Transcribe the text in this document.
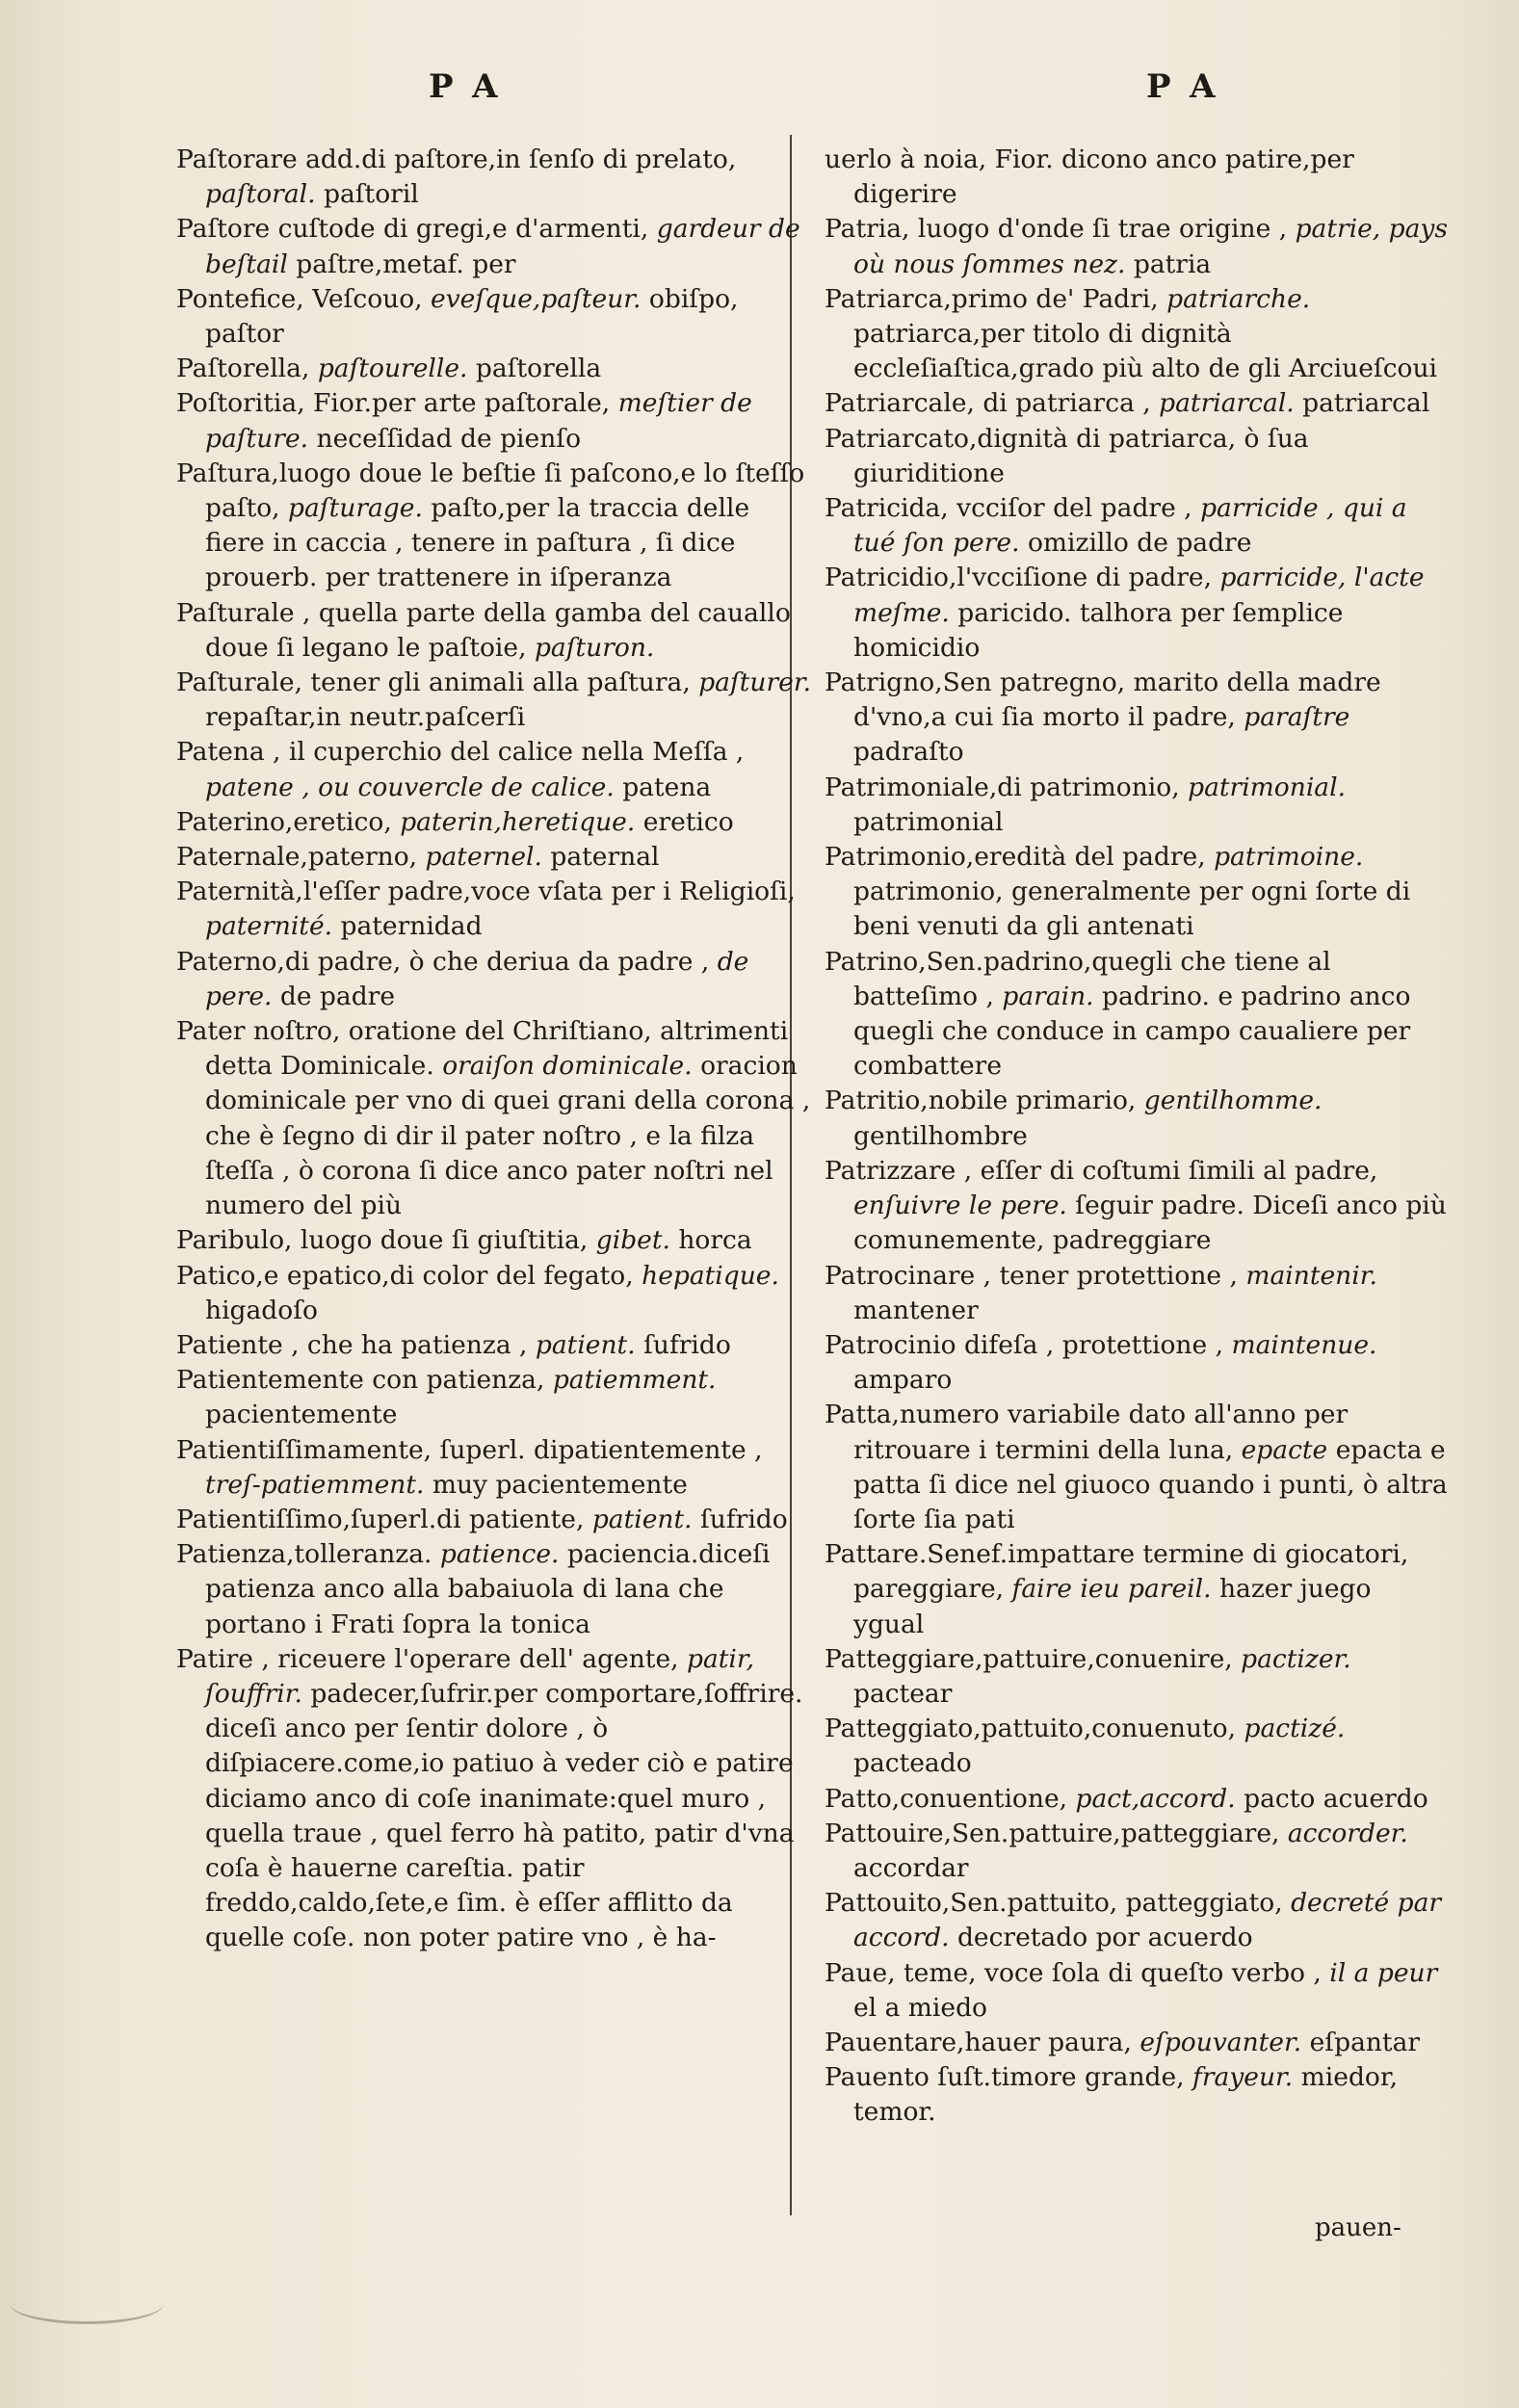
PA	PA
Paſtorare add.di paſtore,in ſenſo di prelato, paſtoral. paſtoril
Paſtore cuſtode di gregi,e d'armenti, gardeur de beſtail paſtre,metaf. per
Pontefice, Veſcouo, eveſque,paſteur. obiſpo, paſtor
Paſtorella, paſtourelle. paſtorella
Poſtoritia, Fior.per arte paſtorale, meſtier de paſture. neceſſidad de pienſo
Paſtura,luogo doue le beſtie ſi paſcono,e lo ſteſſo paſto, paſturage. paſto,per la traccia delle fiere in caccia , tenere in paſtura , ſi dice prouerb. per trattenere in iſperanza
Paſturale , quella parte della gamba del cauallo doue ſi legano le paſtoie, paſturon.
Paſturale, tener gli animali alla paſtura, paſturer. repaſtar,in neutr.paſcerſi
Patena , il cuperchio del calice nella Meſſa , patene , ou couvercle de calice. patena
Paterino,eretico, paterin,heretique. eretico
Paternale,paterno, paternel. paternal
Paternità,l'eſſer padre,voce vſata per i Religioſi, paternité. paternidad
Paterno,di padre, ò che deriua da padre , de pere. de padre
Pater noſtro, oratione del Chriſtiano, altrimenti detta Dominicale. oraiſon dominicale. oracion dominicale per vno di quei grani della corona , che è ſegno di dir il pater noſtro , e la filza ſteſſa , ò corona ſi dice anco pater noſtri nel numero del più
Paribulo, luogo doue ſi giuſtitia, gibet. horca
Patico,e epatico,di color del fegato, hepatique. higadoſo
Patiente , che ha patienza , patient. ſufrido
Patientemente con patienza, patiemment. pacientemente
Patientiſſimamente, ſuperl. dipatientemente , treſ-patiemment. muy pacientemente
Patientiſſimo,ſuperl.di patiente, patient. ſufrido
Patienza,tolleranza. patience. paciencia.diceſi patienza anco alla babaiuola di lana che portano i Frati ſopra la tonica
Patire , riceuere l'operare dell' agente, patir, ſouffrir. padecer,ſufrir.per comportare,ſoffrire. diceſi anco per ſentir dolore , ò diſpiacere.come,io patiuo à veder ciò e patire diciamo anco di coſe inanimate:quel muro , quella traue , quel ferro hà patito, patir d'vna coſa è hauerne careſtia. patir freddo,caldo,ſete,e ſim. è eſſer afflitto da quelle coſe. non poter patire vno , è ha-
uerlo à noia, Fior. dicono anco patire,per digerire
Patria, luogo d'onde ſi trae origine , patrie, pays où nous ſommes nez. patria
Patriarca,primo de' Padri, patriarche. patriarca,per titolo di dignità eccleſiaſtica,grado più alto de gli Arciueſcoui
Patriarcale, di patriarca , patriarcal. patriarcal
Patriarcato,dignità di patriarca, ò ſua giuriditione
Patricida, vcciſor del padre , parricide , qui a tué ſon pere. omizillo de padre
Patricidio,l'vcciſione di padre, parricide, l'acte meſme. paricido. talhora per ſemplice homicidio
Patrigno,Sen patregno, marito della madre d'vno,a cui ſia morto il padre, paraſtre padraſto
Patrimoniale,di patrimonio, patrimonial. patrimonial
Patrimonio,eredità del padre, patrimoine. patrimonio, generalmente per ogni ſorte di beni venuti da gli antenati
Patrino,Sen.padrino,quegli che tiene al batteſimo , parain. padrino. e padrino anco quegli che conduce in campo caualiere per combattere
Patritio,nobile primario, gentilhomme. gentilhombre
Patrizzare , eſſer di coſtumi ſimili al padre, enſuivre le pere. ſeguir padre. Diceſi anco più comunemente, padreggiare
Patrocinare , tener protettione , maintenir. mantener
Patrocinio difeſa , protettione , maintenue. amparo
Patta,numero variabile dato all'anno per ritrouare i termini della luna, epacte epacta e patta ſi dice nel giuoco quando i punti, ò altra ſorte ſia pati
Pattare.Senef.impattare termine di giocatori, pareggiare, faire ieu pareil. hazer juego ygual
Patteggiare,pattuire,conuenire, pactizer. pactear
Patteggiato,pattuito,conuenuto, pactizé. pacteado
Patto,conuentione, pact,accord. pacto acuerdo
Pattouire,Sen.pattuire,patteggiare, accorder. accordar
Pattouito,Sen.pattuito, patteggiato, decreté par accord. decretado por acuerdo
Paue, teme, voce ſola di queſto verbo , il a peur el a miedo
Pauentare,hauer paura, eſpouvanter. eſpantar
Pauento ſuſt.timore grande, frayeur. miedor, temor.
pauen-
